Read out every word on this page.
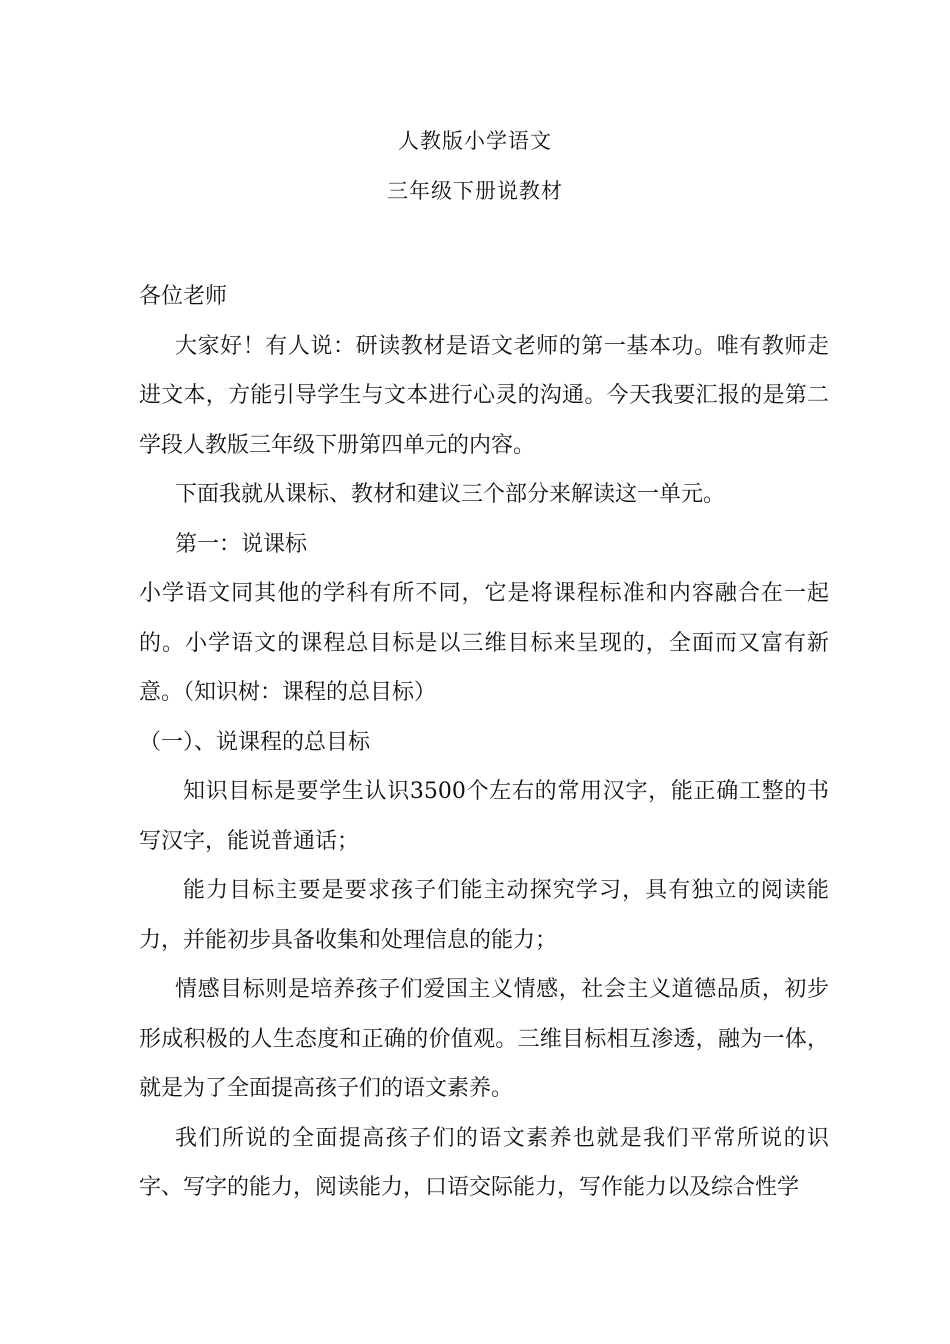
人教版小学语文
三年级下册说教材

各位老师

大家好！有人说：研读教材是语文老师的第一基本功。唯有教师走进文本，方能引导学生与文本进行心灵的沟通。今天我要汇报的是第二学段人教版三年级下册第四单元的内容。

下面我就从课标、教材和建议三个部分来解读这一单元。

第一：说课标

小学语文同其他的学科有所不同，它是将课程标准和内容融合在一起的。小学语文的课程总目标是以三维目标来呈现的，全面而又富有新意。（知识树：课程的总目标）

（一）、说课程的总目标

知识目标是要学生认识3500个左右的常用汉字，能正确工整的书写汉字，能说普通话；

能力目标主要是要求孩子们能主动探究学习，具有独立的阅读能力，并能初步具备收集和处理信息的能力；

情感目标则是培养孩子们爱国主义情感，社会主义道德品质，初步形成积极的人生态度和正确的价值观。三维目标相互渗透，融为一体，就是为了全面提高孩子们的语文素养。

我们所说的全面提高孩子们的语文素养也就是我们平常所说的识字、写字的能力，阅读能力，口语交际能力，写作能力以及综合性学
